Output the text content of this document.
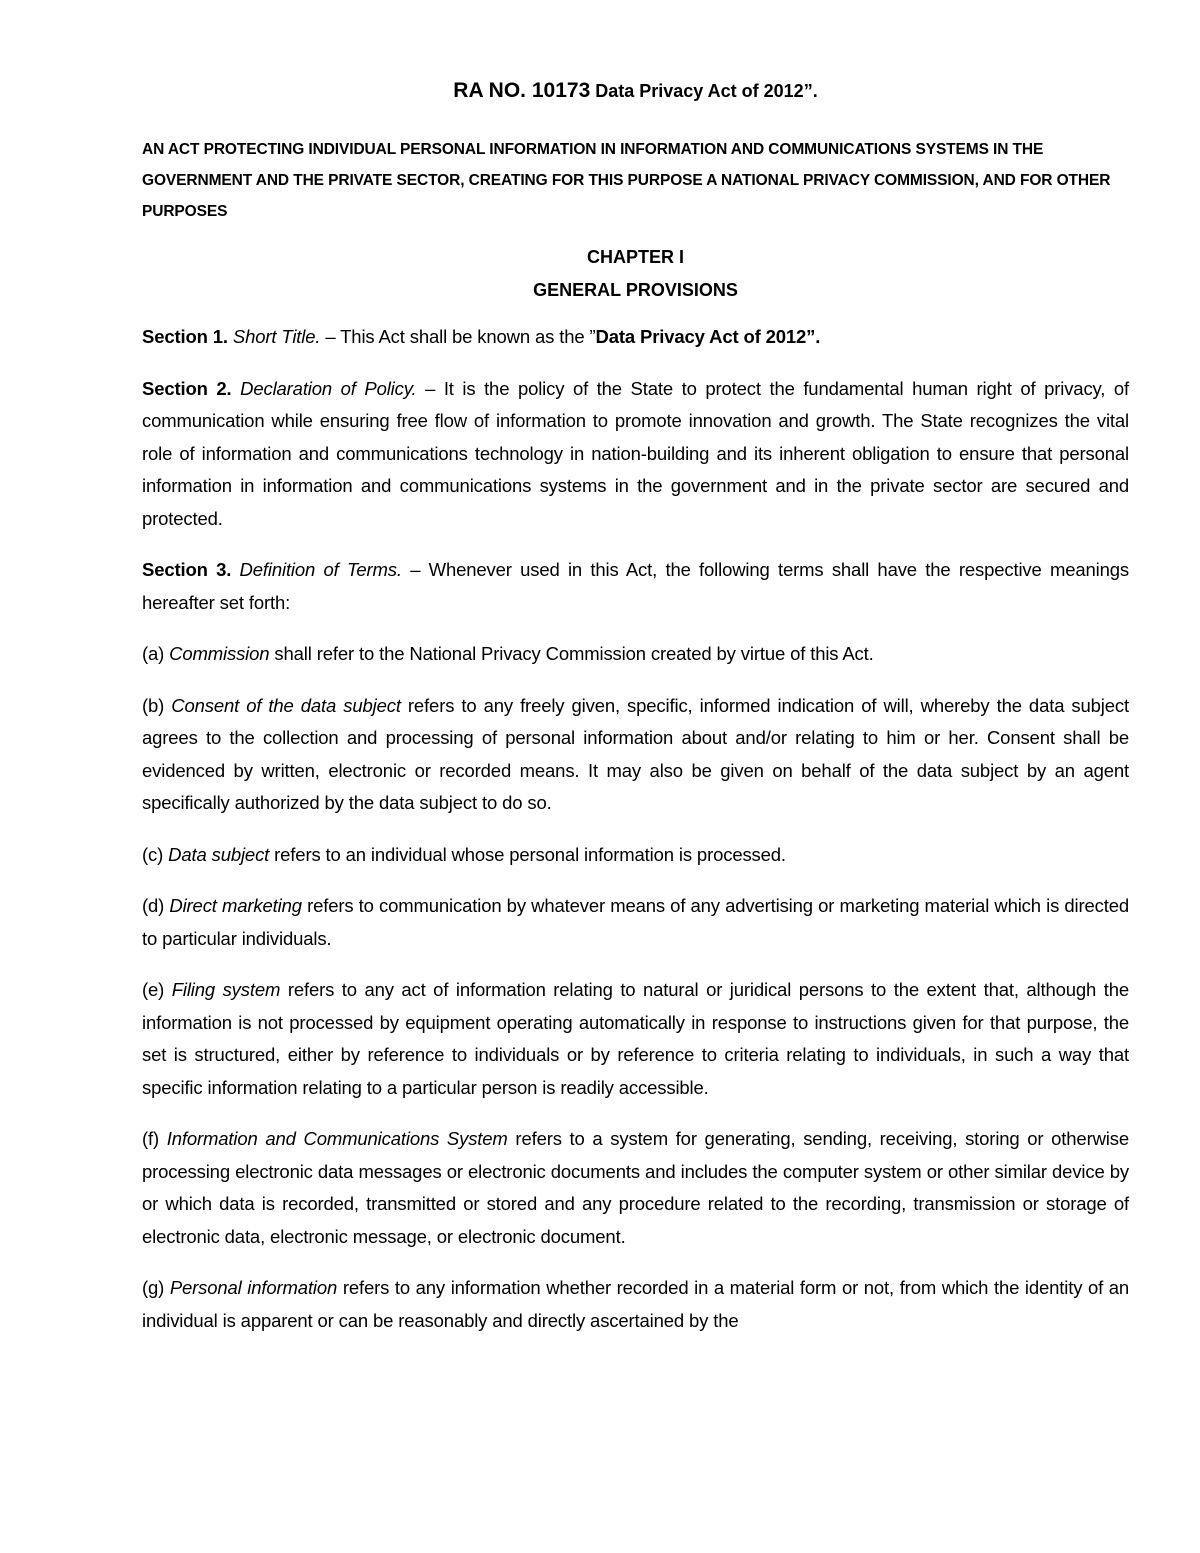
RA NO. 10173 Data Privacy Act of 2012”.
AN ACT PROTECTING INDIVIDUAL PERSONAL INFORMATION IN INFORMATION AND COMMUNICATIONS SYSTEMS IN THE GOVERNMENT AND THE PRIVATE SECTOR, CREATING FOR THIS PURPOSE A NATIONAL PRIVACY COMMISSION, AND FOR OTHER PURPOSES
CHAPTER I
GENERAL PROVISIONS

Section 1. Short Title. – This Act shall be known as the ”Data Privacy Act of 2012”.

Section 2. Declaration of Policy. – It is the policy of the State to protect the fundamental human right of privacy, of communication while ensuring free flow of information to promote innovation and growth. The State recognizes the vital role of information and communications technology in nation-building and its inherent obligation to ensure that personal information in information and communications systems in the government and in the private sector are secured and protected.

Section 3. Definition of Terms. – Whenever used in this Act, the following terms shall have the respective meanings hereafter set forth:

(a) Commission shall refer to the National Privacy Commission created by virtue of this Act.

(b) Consent of the data subject refers to any freely given, specific, informed indication of will, whereby the data subject agrees to the collection and processing of personal information about and/or relating to him or her. Consent shall be evidenced by written, electronic or recorded means. It may also be given on behalf of the data subject by an agent specifically authorized by the data subject to do so.

(c) Data subject refers to an individual whose personal information is processed.

(d) Direct marketing refers to communication by whatever means of any advertising or marketing material which is directed to particular individuals.

(e) Filing system refers to any act of information relating to natural or juridical persons to the extent that, although the information is not processed by equipment operating automatically in response to instructions given for that purpose, the set is structured, either by reference to individuals or by reference to criteria relating to individuals, in such a way that specific information relating to a particular person is readily accessible.

(f) Information and Communications System refers to a system for generating, sending, receiving, storing or otherwise processing electronic data messages or electronic documents and includes the computer system or other similar device by or which data is recorded, transmitted or stored and any procedure related to the recording, transmission or storage of electronic data, electronic message, or electronic document.

(g) Personal information refers to any information whether recorded in a material form or not, from which the identity of an individual is apparent or can be reasonably and directly ascertained by the
